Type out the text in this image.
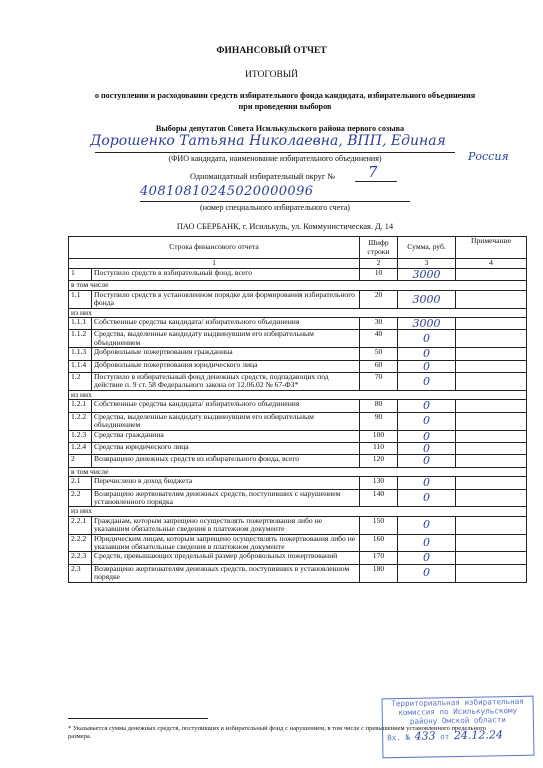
ФИНАНСОВЫЙ ОТЧЕТ
ИТОГОВЫЙ
о поступлении и расходовании средств избирательного фонда кандидата, избирательного объединения
при проведении выборов
Выборы депутатов Совета Исилькульского района первого созыва
Дорошенко Татьяна Николаевна, ВПП, Единая
Россия
(ФИО кандидата, наименование избирательного объединения)
Одномандатный избирательный округ № 7
40810810245020000096
(номер специального избирательного счета)
ПАО СБЕРБАНК, г. Исилькуль, ул. Коммунистическая. Д. 14
Строка финансового отчета		Шифр строки	Сумма, руб.	Примечание
1		2	3	4
1	Поступило средств в избирательный фонд, всего	10	3000	
в том числе				
1.1	Поступило средств в установленном порядке для формирования избирательного фонда	20	3000	
из них				
1.1.1	Собственные средства кандидата/ избирательного объединения	30	3000	
1.1.2	Средства, выделенные кандидату выдвинувшим его избирательным объединением	40	0	
1.1.3	Добровольные пожертвования гражданина	50	0	
1.1.4	Добровольные пожертвования юридического лица	60	0	
1.2	Поступило в избирательный фонд денежных средств, подпадающих под действие п. 9 ст. 58 Федерального закона от 12.06.02 № 67-ФЗ*	70	0	
из них				
1.2.1	Собственные средства кандидата/ избирательного объединения	80	0	
1.2.2	Средства, выделенные кандидату выдвинувшим его избирательным объединением	90	0	
1.2.3	Средства гражданина	100	0	
1.2.4	Средства юридического лица	110	0	
2	Возвращено денежных средств из избирательного фонда, всего	120	0	
в том числе				
2.1	Перечислено в доход бюджета	130	0	
2.2	Возвращено жертвователям денежных средств, поступивших с нарушением установленного порядка	140	0	
из них				
2.2.1	Гражданам, которым запрещено осуществлять пожертвования либо не указавшим обязательные сведения в платежном документе	150	0	
2.2.2	Юридическим лицам, которым запрещено осуществлять пожертвования либо не указавшим обязательные сведения в платежном документе	160	0	
2.2.3	Средств, превышающих предельный размер добровольных пожертвований	170	0	
2.3	Возвращено жертвователям денежных средств, поступивших в установленном порядке	180	0	
* Указывается сумма денежных средств, поступивших в избирательный фонд с нарушением, в том числе с превышением установленного предельного размера.
Территориальная избирательная
комиссия по Исилькульскому
району Омской области
Вх. № 433 от 24.12.24
